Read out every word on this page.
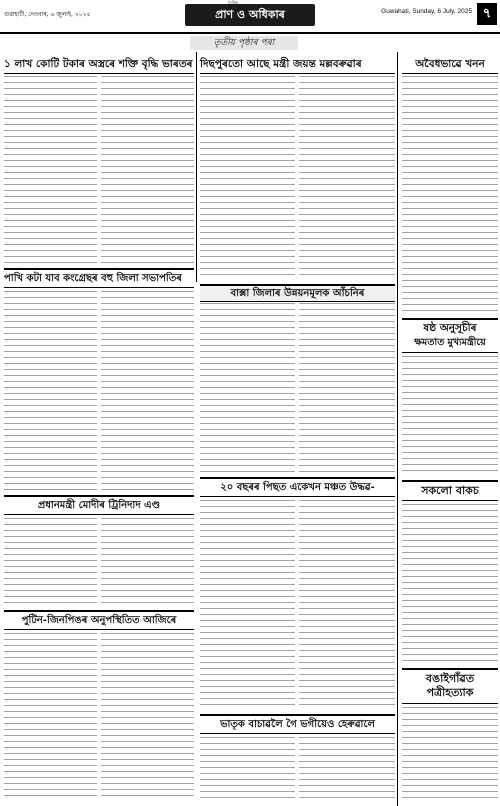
গুৱাহাটী, দেওবাৰ, ৬ জুলাই, ২০২৫	প্ৰাণ ও অধিকাৰ
দৈনিক
Guwahati, Sunday, 6 July, 2025 ৭
তৃতীয় পৃষ্ঠাৰ পৰা
১ লাখ কোটি টকাৰ অস্ত্ৰৰে শক্তি বৃদ্ধি ভাৰতৰ দিছপুৰতো আছে মন্ত্ৰী জয়ন্ত মল্লবৰুৱাৰ	অবৈধভাৱে খনন
পাখি কটা যাব কংগ্ৰেছৰ বহু জিলা সভাপতিৰ
বাক্সা জিলাৰ উন্নয়নমূলক আঁচনিৰ
ষষ্ঠ অনুসূচীৰ
ক্ষমতাত মুখ্যমন্ত্ৰীয়ে
প্ৰধানমন্ত্ৰী মোদীৰ ট্ৰিনিদাদ এণ্ড
সকলো বাকচ
২০ বছৰৰ পিছত একেখন মঞ্চত উদ্ধৱ-
পুটিন-জিনপিঙৰ অনুপস্থিতিত আজিৰে
ভাতৃক বাচাৱলৈ গৈ ভগীয়েও হেৰুৱালে
বঙাইগাঁৱত
পত্ৰীহত্যাক
